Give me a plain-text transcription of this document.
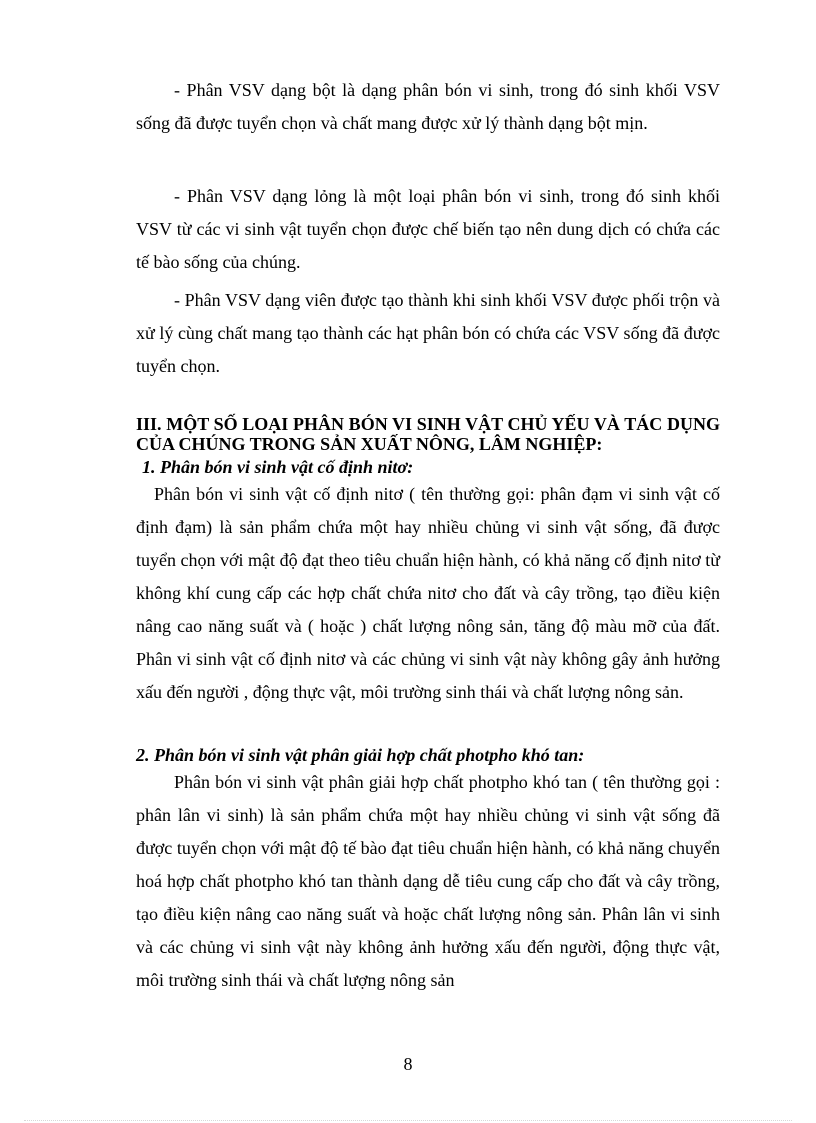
- Phân VSV dạng bột là dạng phân bón vi sinh, trong đó sinh khối VSV sống đã được tuyển chọn và chất mang được xử lý thành dạng bột mịn.

- Phân VSV dạng lỏng là một loại phân bón vi sinh, trong đó sinh khối VSV từ các vi sinh vật tuyển chọn được chế biến tạo nên dung dịch có chứa các tế bào sống của chúng.

- Phân VSV dạng viên được tạo thành khi sinh khối VSV được phối trộn và xử lý cùng chất mang tạo thành các hạt phân bón có chứa các VSV sống đã được tuyển chọn.

III. MỘT SỐ LOẠI PHÂN BÓN VI SINH VẬT CHỦ YẾU VÀ TÁC DỤNG CỦA CHÚNG TRONG SẢN XUẤT NÔNG, LÂM NGHIỆP:
1. Phân bón vi sinh vật cố định nitơ:

Phân bón vi sinh vật cố định nitơ ( tên thường gọi: phân đạm vi sinh vật cố định đạm) là sản phẩm chứa một hay nhiều chủng vi sinh vật sống, đã được tuyển chọn với mật độ đạt theo tiêu chuẩn hiện hành, có khả năng cố định nitơ từ không khí cung cấp các hợp chất chứa nitơ cho đất và cây trồng, tạo điều kiện nâng cao năng suất và ( hoặc ) chất lượng nông sản, tăng độ màu mỡ của đất. Phân vi sinh vật cố định nitơ và các chủng vi sinh vật này không gây ảnh hưởng xấu đến người , động thực vật, môi trường sinh thái và chất lượng nông sản.

2. Phân bón vi sinh vật phân giải hợp chất photpho khó tan:

Phân bón vi sinh vật phân giải hợp chất photpho khó tan ( tên thường gọi : phân lân vi sinh) là sản phẩm chứa một hay nhiều chủng vi sinh vật sống đã được tuyển chọn với mật độ tế bào đạt tiêu chuẩn hiện hành, có khả năng chuyển hoá hợp chất photpho khó tan thành dạng dễ tiêu cung cấp cho đất và cây trồng, tạo điều kiện nâng cao năng suất và hoặc chất lượng nông sản. Phân lân vi sinh và các chủng vi sinh vật này không ảnh hưởng xấu đến người, động thực vật, môi trường sinh thái và chất lượng nông sản

8
